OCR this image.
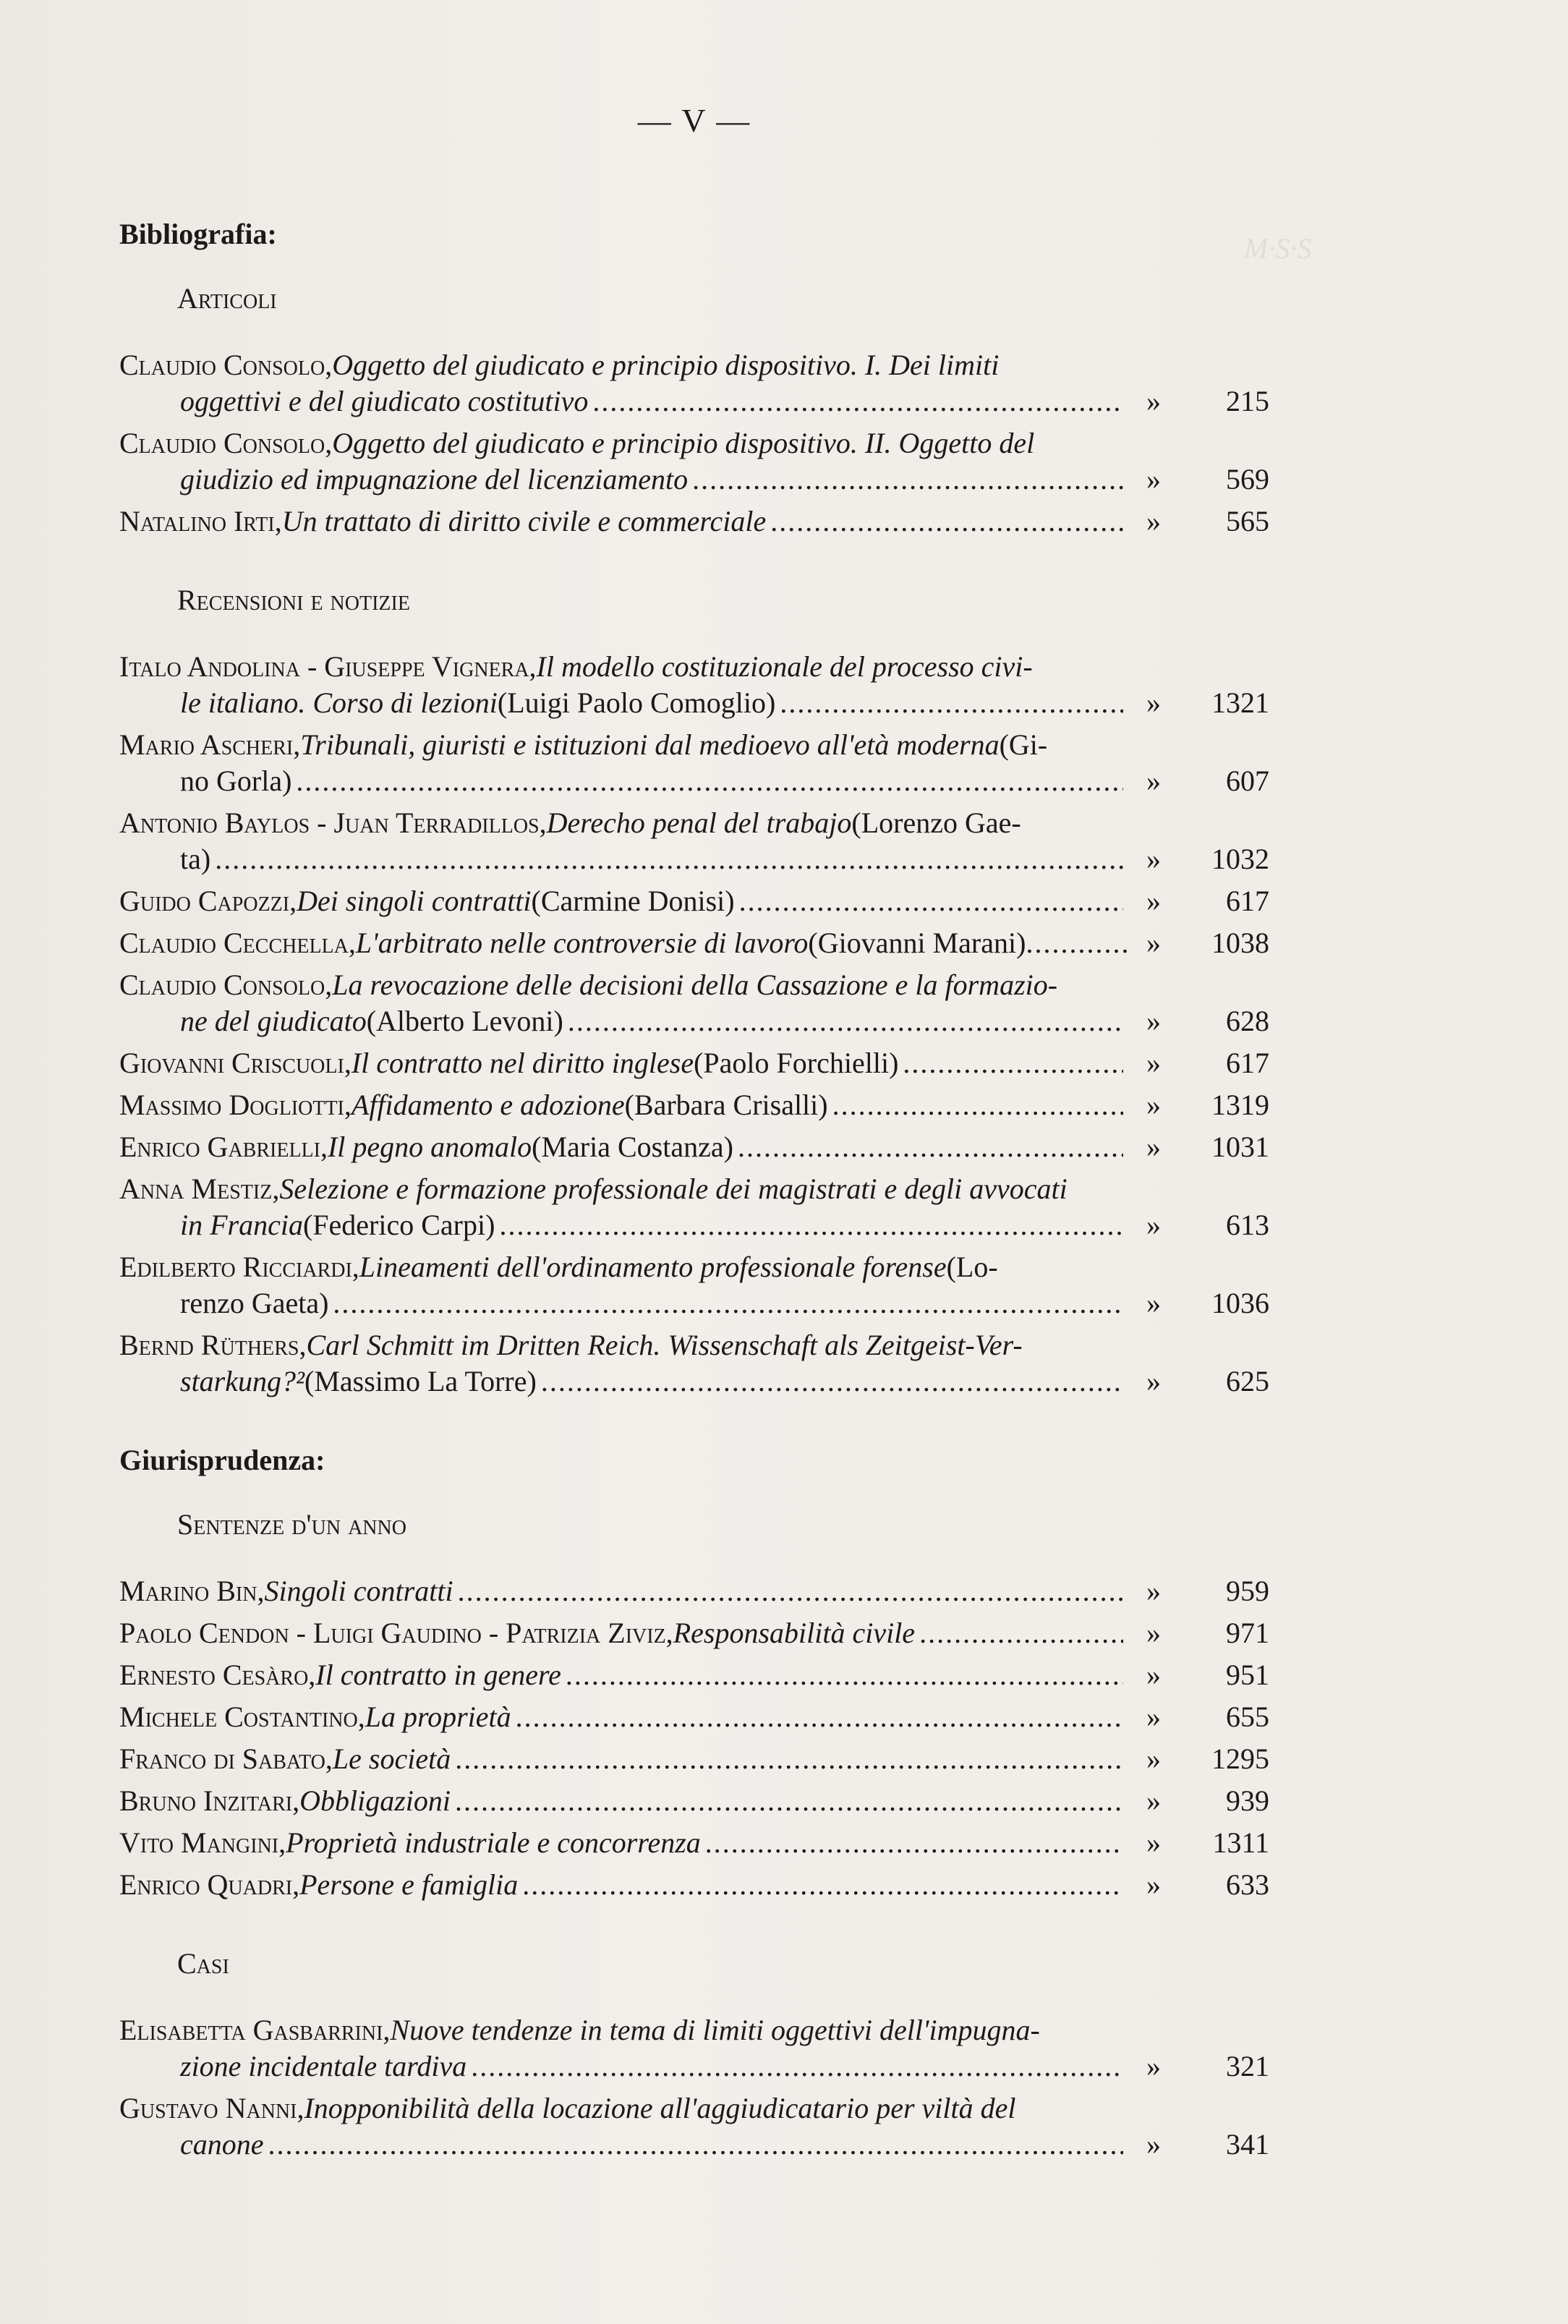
M·S·S
— V —
Bibliografia:
Articoli
Claudio Consolo, Oggetto del giudicato e principio dispositivo. I. Dei limiti
oggettivi e del giudicato costitutivo . . .	»	215
Claudio Consolo, Oggetto del giudicato e principio dispositivo. II. Oggetto del
giudizio ed impugnazione del licenziamento . . .	»	569
Natalino Irti, Un trattato di diritto civile e commerciale . . .	»	565
Recensioni e notizie
Italo Andolina - Giuseppe Vignera, Il modello costituzionale del processo civi-
le italiano. Corso di lezioni (Luigi Paolo Comoglio) . . .	»	1321
Mario Ascheri, Tribunali, giuristi e istituzioni dal medioevo all'età moderna (Gi-
no Gorla) . . .	»	607
Antonio Baylos - Juan Terradillos, Derecho penal del trabajo (Lorenzo Gae-
ta) . . .	»	1032
Guido Capozzi, Dei singoli contratti (Carmine Donisi) . . .	»	617
Claudio Cecchella, L'arbitrato nelle controversie di lavoro (Giovanni Marani) . . .	»	1038
Claudio Consolo, La revocazione delle decisioni della Cassazione e la formazio-
ne del giudicato (Alberto Levoni) . . .	»	628
Giovanni Criscuoli, Il contratto nel diritto inglese (Paolo Forchielli) . . .	»	617
Massimo Dogliotti, Affidamento e adozione (Barbara Crisalli) . . .	»	1319
Enrico Gabrielli, Il pegno anomalo (Maria Costanza) . . .	»	1031
Anna Mestiz, Selezione e formazione professionale dei magistrati e degli avvocati
in Francia (Federico Carpi) . . .	»	613
Edilberto Ricciardi, Lineamenti dell'ordinamento professionale forense (Lo-
renzo Gaeta) . . .	»	1036
Bernd Rüthers, Carl Schmitt im Dritten Reich. Wissenschaft als Zeitgeist-Ver-
starkung?² (Massimo La Torre) . . .	»	625
Giurisprudenza:
Sentenze d'un anno
Marino Bin, Singoli contratti . . .	»	959
Paolo Cendon - Luigi Gaudino - Patrizia Ziviz, Responsabilità civile . . .	»	971
Ernesto Cesàro, Il contratto in genere . . .	»	951
Michele Costantino, La proprietà . . .	»	655
Franco di Sabato, Le società . . .	»	1295
Bruno Inzitari, Obbligazioni . . .	»	939
Vito Mangini, Proprietà industriale e concorrenza . . .	»	1311
Enrico Quadri, Persone e famiglia . . .	»	633
Casi
Elisabetta Gasbarrini, Nuove tendenze in tema di limiti oggettivi dell'impugna-
zione incidentale tardiva . . .	»	321
Gustavo Nanni, Inopponibilità della locazione all'aggiudicatario per viltà del
canone . . .	»	341
